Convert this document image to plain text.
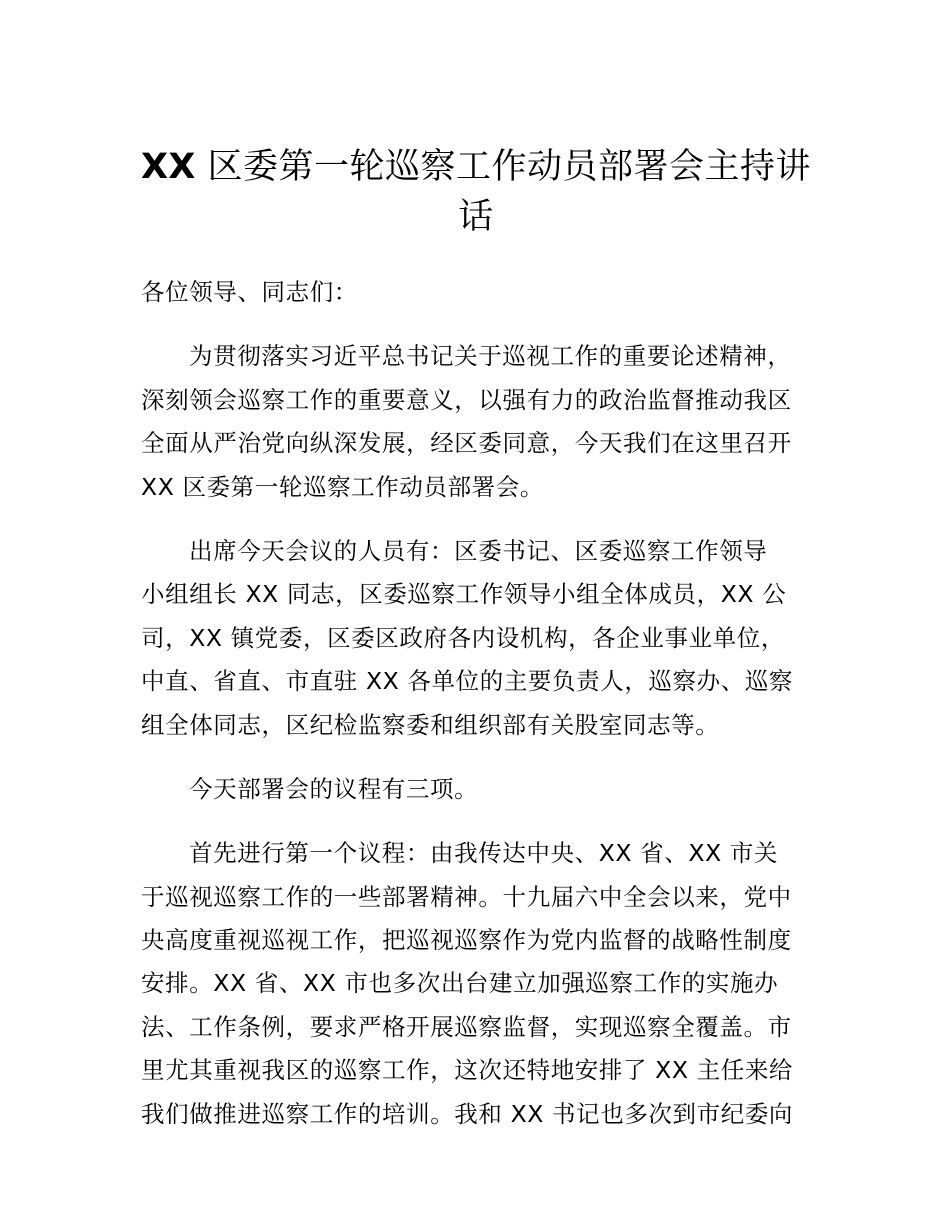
XX 区委第一轮巡察工作动员部署会主持讲
话
各位领导、同志们：
为贯彻落实习近平总书记关于巡视工作的重要论述精神，
深刻领会巡察工作的重要意义，以强有力的政治监督推动我区
全面从严治党向纵深发展，经区委同意，今天我们在这里召开
XX 区委第一轮巡察工作动员部署会。
出席今天会议的人员有：区委书记、区委巡察工作领导
小组组长 XX 同志，区委巡察工作领导小组全体成员，XX 公
司，XX 镇党委，区委区政府各内设机构，各企业事业单位，
中直、省直、市直驻 XX 各单位的主要负责人，巡察办、巡察
组全体同志，区纪检监察委和组织部有关股室同志等。
今天部署会的议程有三项。
首先进行第一个议程：由我传达中央、XX 省、XX 市关
于巡视巡察工作的一些部署精神。十九届六中全会以来，党中
央高度重视巡视工作，把巡视巡察作为党内监督的战略性制度
安排。XX 省、XX 市也多次出台建立加强巡察工作的实施办
法、工作条例，要求严格开展巡察监督，实现巡察全覆盖。市
里尤其重视我区的巡察工作，这次还特地安排了 XX 主任来给
我们做推进巡察工作的培训。我和 XX 书记也多次到市纪委向
